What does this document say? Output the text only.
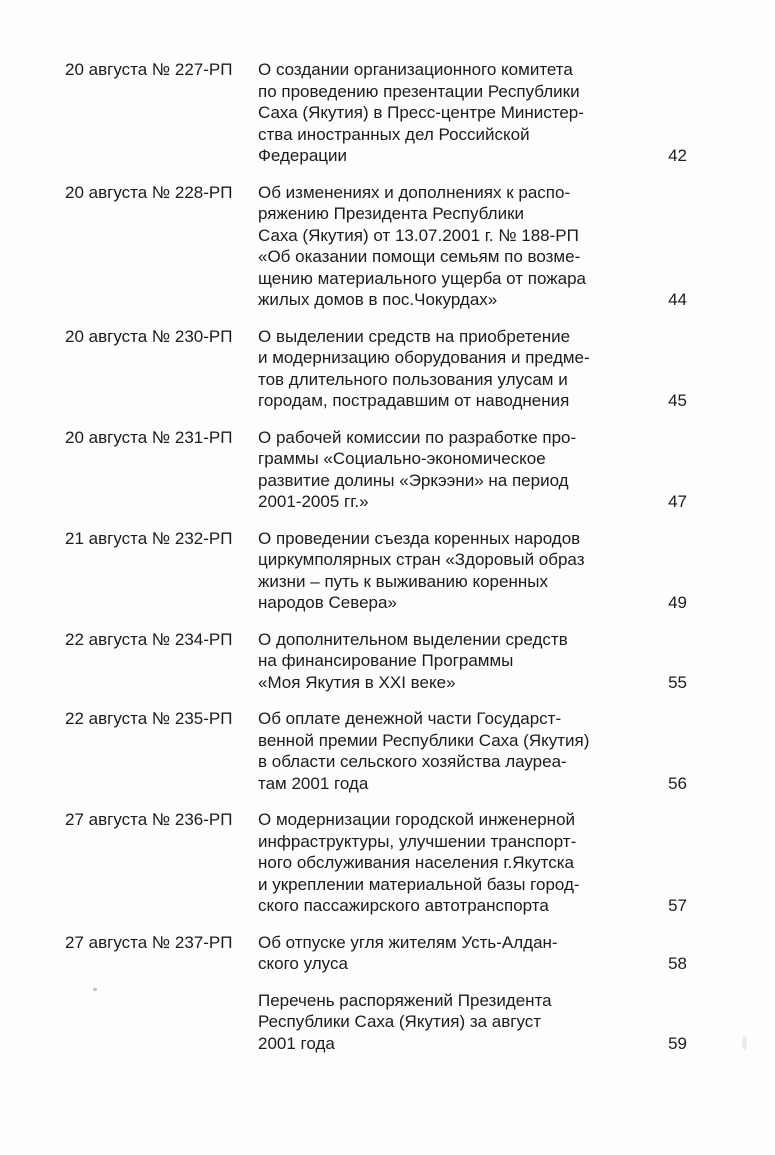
20 августа № 227-РП	О создании организационного комитета
по проведению презентации Республики
Саха (Якутия) в Пресс-центре Министер-
ства иностранных дел Российской
Федерации	42
20 августа № 228-РП	Об изменениях и дополнениях к распо-
ряжению Президента Республики
Саха (Якутия) от 13.07.2001 г. № 188-РП
«Об оказании помощи семьям по возме-
щению материального ущерба от пожара
жилых домов в пос.Чокурдах»	44
20 августа № 230-РП	О выделении средств на приобретение
и модернизацию оборудования и предме-
тов длительного пользования улусам и
городам, пострадавшим от наводнения	45
20 августа № 231-РП	О рабочей комиссии по разработке про-
граммы «Социально-экономическое
развитие долины «Эркээни» на период
2001-2005 гг.»	47
21 августа № 232-РП	О проведении съезда коренных народов
циркумполярных стран «Здоровый образ
жизни – путь к выживанию коренных
народов Севера»	49
22 августа № 234-РП	О дополнительном выделении средств
на финансирование Программы
«Моя Якутия в XXI веке»	55
22 августа № 235-РП	Об оплате денежной части Государст-
венной премии Республики Саха (Якутия)
в области сельского хозяйства лауреа-
там 2001 года	56
27 августа № 236-РП	О модернизации городской инженерной
инфраструктуры, улучшении транспорт-
ного обслуживания населения г.Якутска
и укреплении материальной базы город-
ского пассажирского автотранспорта	57
27 августа № 237-РП	Об отпуске угля жителям Усть-Алдан-
ского улуса	58
Перечень распоряжений Президента
Республики Саха (Якутия) за август
2001 года	59
